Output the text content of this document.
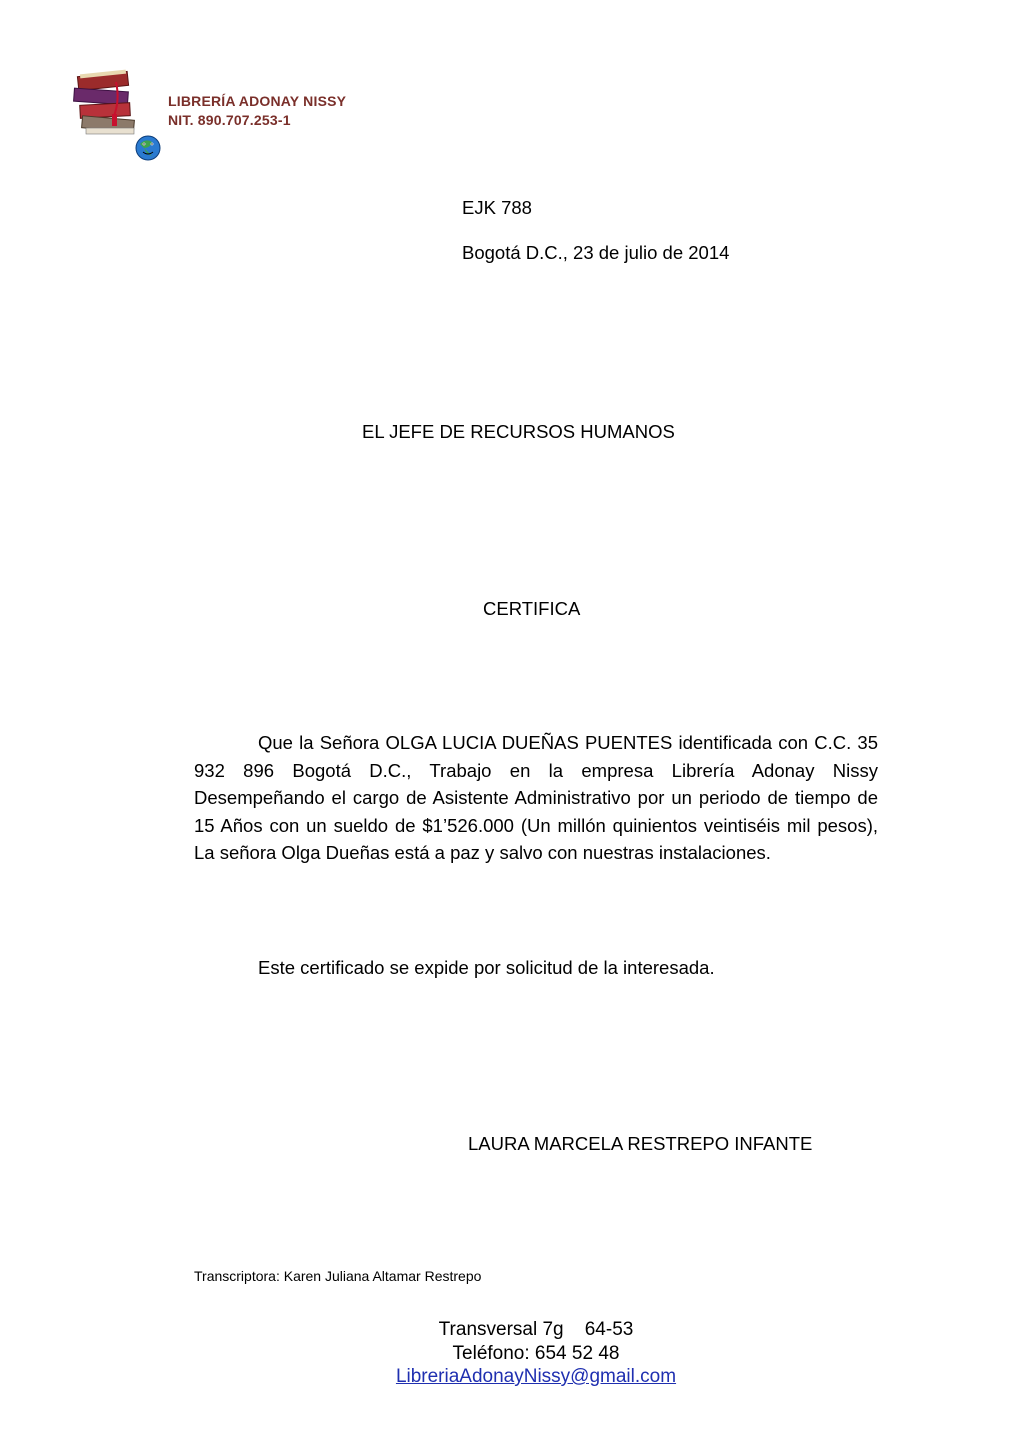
LIBRERÍA ADONAY NISSY
NIT. 890.707.253-1
EJK 788
Bogotá D.C., 23 de julio de 2014
EL JEFE DE RECURSOS HUMANOS
CERTIFICA
Que la Señora OLGA LUCIA DUEÑAS PUENTES identificada con C.C. 35 932 896 Bogotá D.C., Trabajo en la empresa Librería Adonay Nissy Desempeñando el cargo de Asistente Administrativo por un periodo de tiempo de 15 Años con un sueldo de $1’526.000 (Un millón quinientos veintiséis mil pesos), La señora Olga Dueñas está a paz y salvo con nuestras instalaciones.
Este certificado se expide por solicitud de la interesada.
LAURA MARCELA RESTREPO INFANTE
Transcriptora: Karen Juliana Altamar Restrepo
Transversal 7g    64-53
Teléfono: 654 52 48
LibreriaAdonayNissy@gmail.com
